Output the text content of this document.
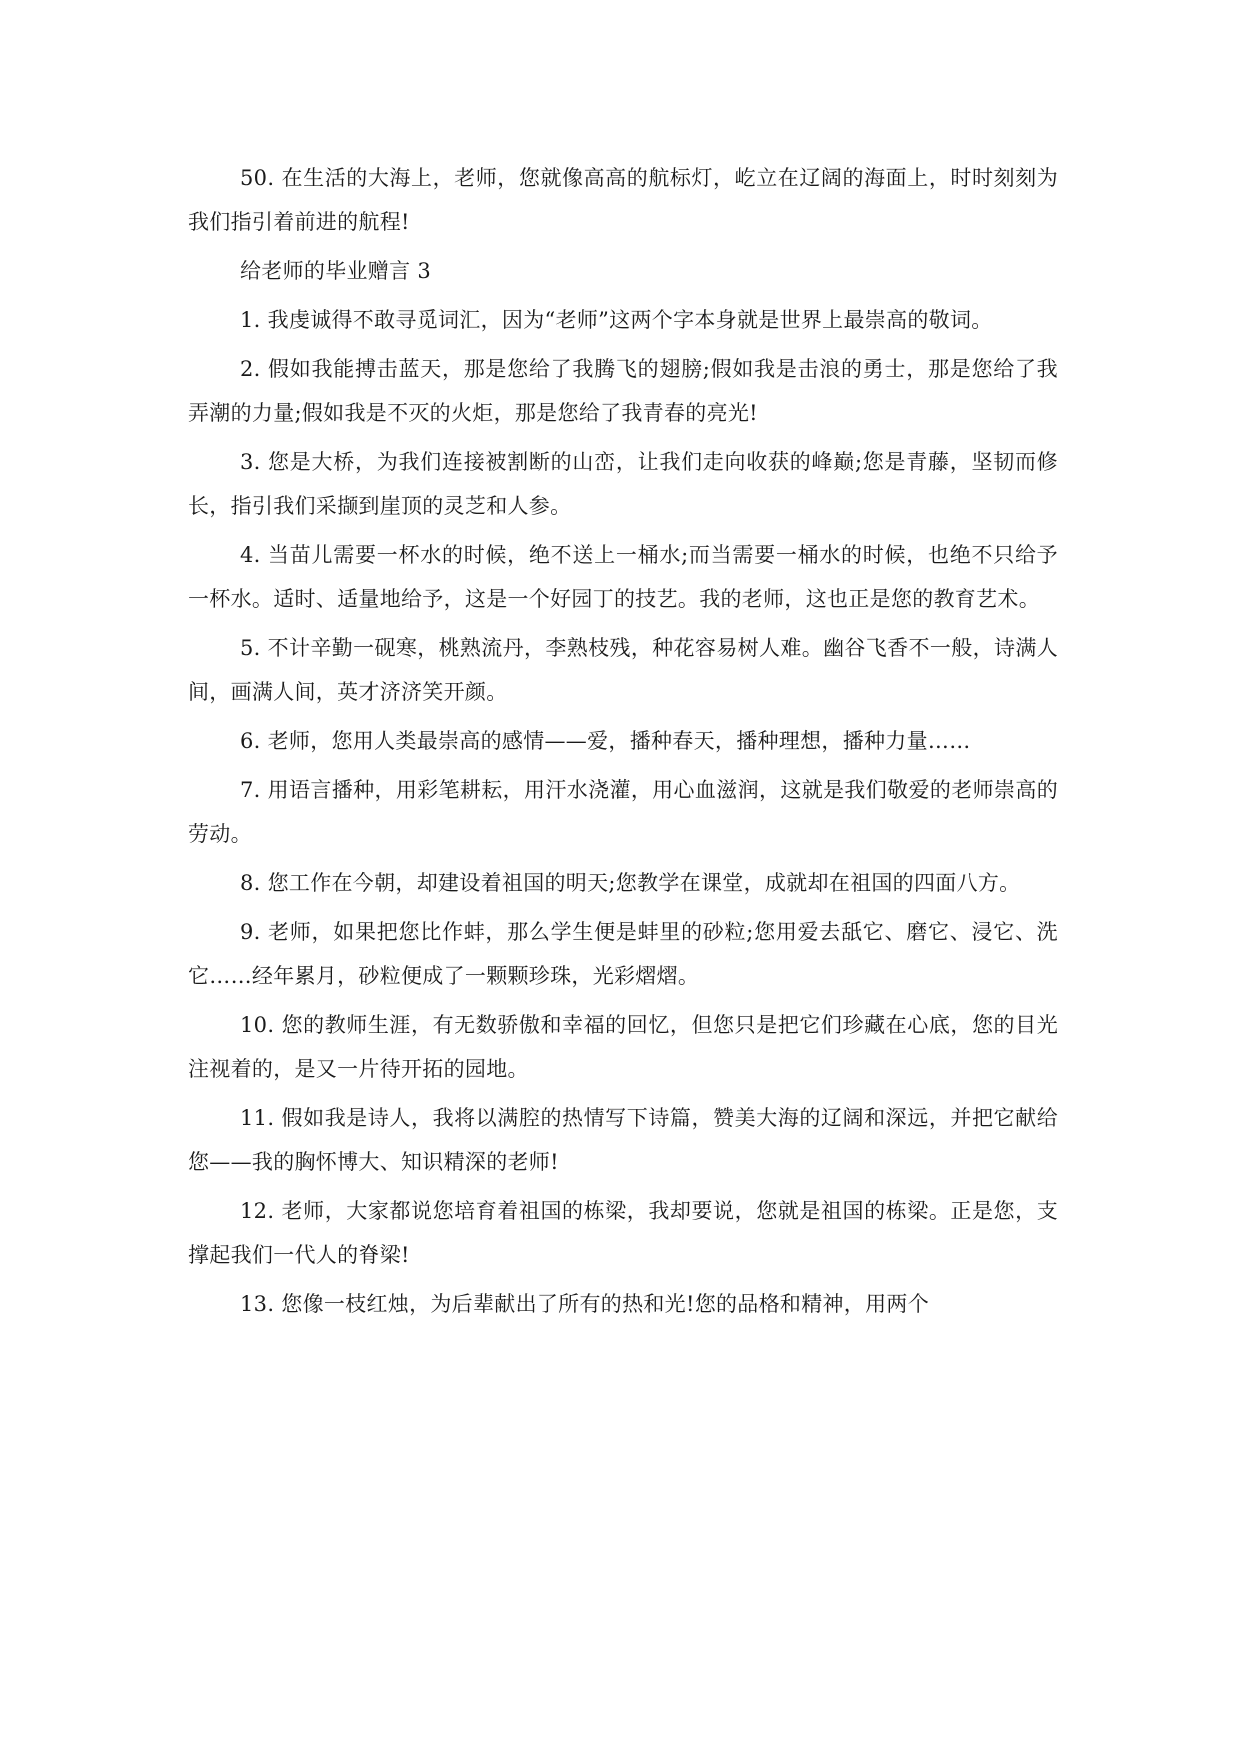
50. 在生活的大海上，老师，您就像高高的航标灯，屹立在辽阔的海面上，时时刻刻为我们指引着前进的航程!

给老师的毕业赠言 3

1. 我虔诚得不敢寻觅词汇，因为“老师”这两个字本身就是世界上最崇高的敬词。

2. 假如我能搏击蓝天，那是您给了我腾飞的翅膀;假如我是击浪的勇士，那是您给了我弄潮的力量;假如我是不灭的火炬，那是您给了我青春的亮光!

3. 您是大桥，为我们连接被割断的山峦，让我们走向收获的峰巅;您是青藤，坚韧而修长，指引我们采撷到崖顶的灵芝和人参。

4. 当苗儿需要一杯水的时候，绝不送上一桶水;而当需要一桶水的时候，也绝不只给予一杯水。适时、适量地给予，这是一个好园丁的技艺。我的老师，这也正是您的教育艺术。

5. 不计辛勤一砚寒，桃熟流丹，李熟枝残，种花容易树人难。幽谷飞香不一般，诗满人间，画满人间，英才济济笑开颜。

6. 老师，您用人类最崇高的感情——爱，播种春天，播种理想，播种力量……

7. 用语言播种，用彩笔耕耘，用汗水浇灌，用心血滋润，这就是我们敬爱的老师崇高的劳动。

8. 您工作在今朝，却建设着祖国的明天;您教学在课堂，成就却在祖国的四面八方。

9. 老师，如果把您比作蚌，那么学生便是蚌里的砂粒;您用爱去舐它、磨它、浸它、洗它……经年累月，砂粒便成了一颗颗珍珠，光彩熠熠。

10. 您的教师生涯，有无数骄傲和幸福的回忆，但您只是把它们珍藏在心底，您的目光注视着的，是又一片待开拓的园地。

11. 假如我是诗人，我将以满腔的热情写下诗篇，赞美大海的辽阔和深远，并把它献给您——我的胸怀博大、知识精深的老师!

12. 老师，大家都说您培育着祖国的栋梁，我却要说，您就是祖国的栋梁。正是您，支撑起我们一代人的脊梁!

13. 您像一枝红烛，为后辈献出了所有的热和光!您的品格和精神，用两个
